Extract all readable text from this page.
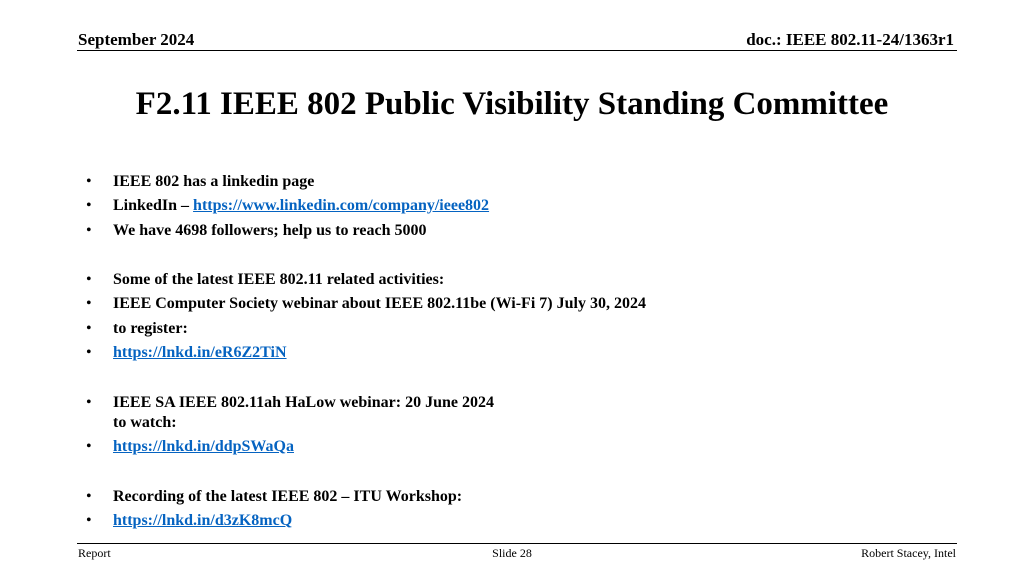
September 2024	doc.: IEEE 802.11-24/1363r1
F2.11 IEEE 802 Public Visibility Standing Committee
• IEEE 802 has a linkedin page
• LinkedIn – https://www.linkedin.com/company/ieee802
• We have 4698 followers; help us to reach 5000
• Some of the latest IEEE 802.11 related activities:
• IEEE Computer Society webinar about IEEE 802.11be (Wi-Fi 7) July 30, 2024
• to register:
• https://lnkd.in/eR6Z2TiN
• IEEE SA IEEE 802.11ah HaLow webinar: 20 June 2024
to watch:
• https://lnkd.in/ddpSWaQa
• Recording of the latest IEEE 802 – ITU Workshop:
• https://lnkd.in/d3zK8mcQ
Report	Slide 28	Robert Stacey, Intel
